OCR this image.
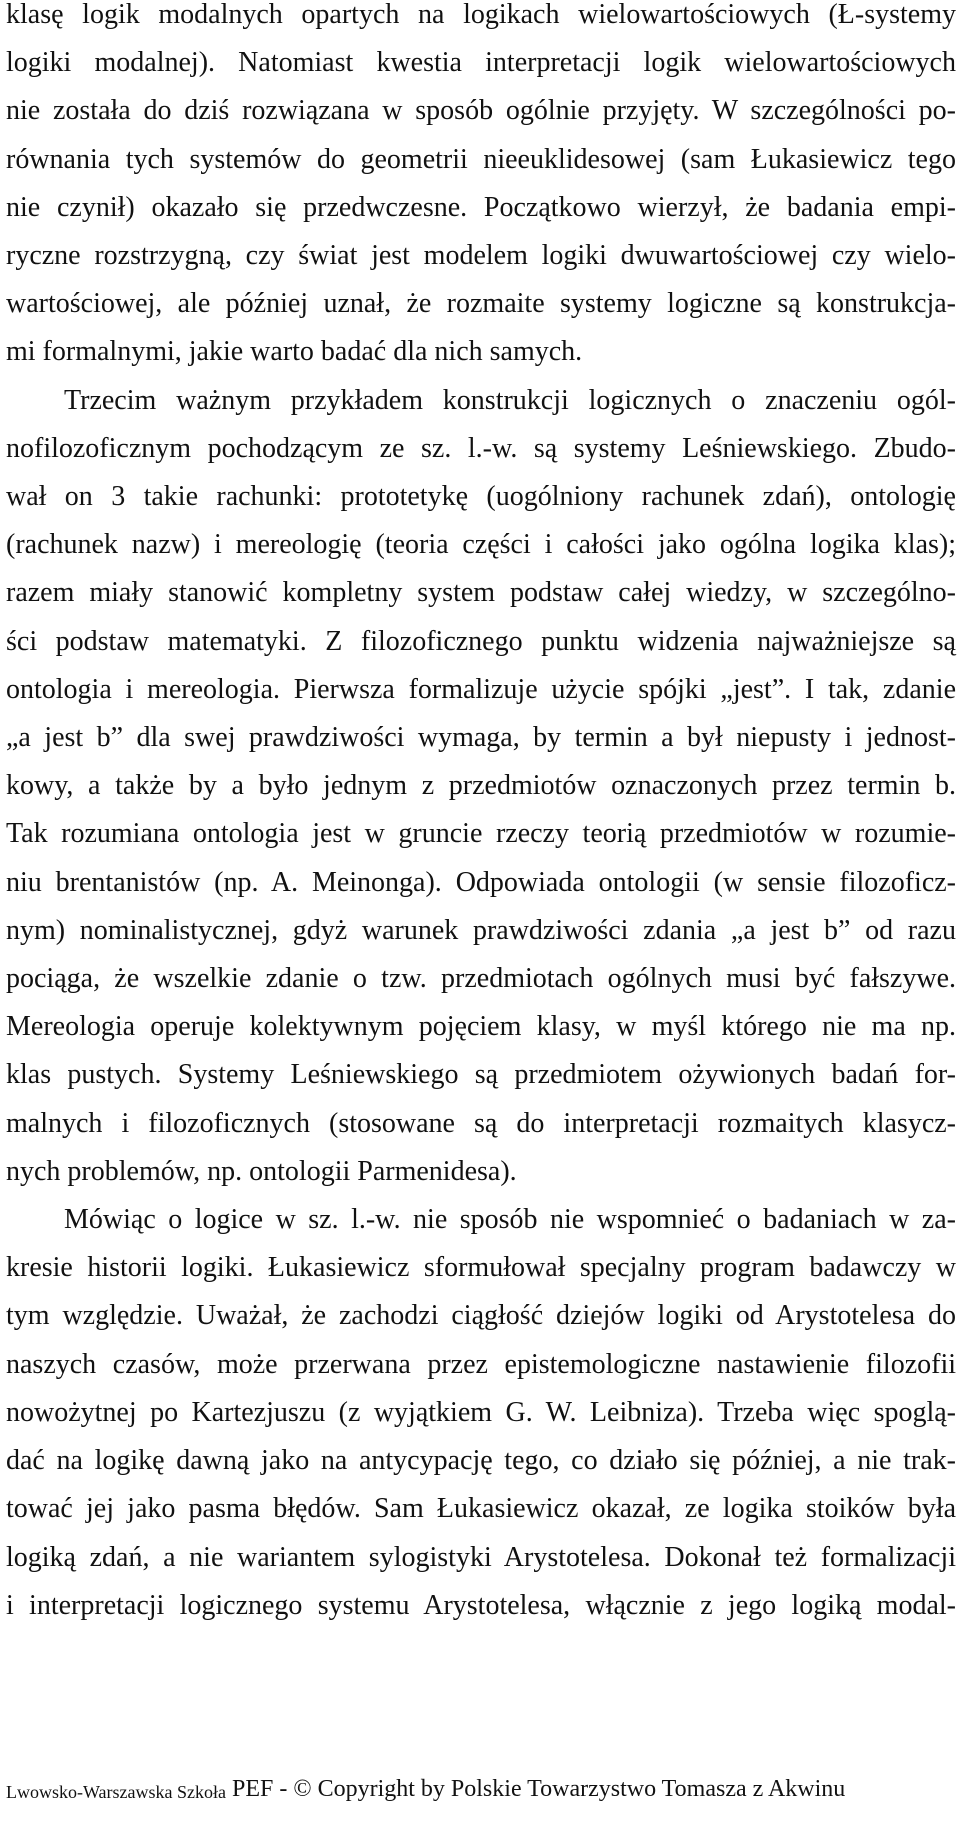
klasę logik modalnych opartych na logikach wielowartościowych (Ł-systemy
logiki modalnej). Natomiast kwestia interpretacji logik wielowartościowych
nie została do dziś rozwiązana w sposób ogólnie przyjęty. W szczególności po-
równania tych systemów do geometrii nieeuklidesowej (sam Łukasiewicz tego
nie czynił) okazało się przedwczesne. Początkowo wierzył, że badania empi-
ryczne rozstrzygną, czy świat jest modelem logiki dwuwartościowej czy wielo-
wartościowej, ale później uznał, że rozmaite systemy logiczne są konstrukcja-
mi formalnymi, jakie warto badać dla nich samych.
Trzecim ważnym przykładem konstrukcji logicznych o znaczeniu ogól-
nofilozoficznym pochodzącym ze sz. l.-w. są systemy Leśniewskiego. Zbudo-
wał on 3 takie rachunki: prototetykę (uogólniony rachunek zdań), ontologię
(rachunek nazw) i mereologię (teoria części i całości jako ogólna logika klas);
razem miały stanowić kompletny system podstaw całej wiedzy, w szczególno-
ści podstaw matematyki. Z filozoficznego punktu widzenia najważniejsze są
ontologia i mereologia. Pierwsza formalizuje użycie spójki „jest”. I tak, zdanie
„a jest b” dla swej prawdziwości wymaga, by termin a był niepusty i jednost-
kowy, a także by a było jednym z przedmiotów oznaczonych przez termin b.
Tak rozumiana ontologia jest w gruncie rzeczy teorią przedmiotów w rozumie-
niu brentanistów (np. A. Meinonga). Odpowiada ontologii (w sensie filozoficz-
nym) nominalistycznej, gdyż warunek prawdziwości zdania „a jest b” od razu
pociąga, że wszelkie zdanie o tzw. przedmiotach ogólnych musi być fałszywe.
Mereologia operuje kolektywnym pojęciem klasy, w myśl którego nie ma np.
klas pustych. Systemy Leśniewskiego są przedmiotem ożywionych badań for-
malnych i filozoficznych (stosowane są do interpretacji rozmaitych klasycz-
nych problemów, np. ontologii Parmenidesa).
Mówiąc o logice w sz. l.-w. nie sposób nie wspomnieć o badaniach w za-
kresie historii logiki. Łukasiewicz sformułował specjalny program badawczy w
tym względzie. Uważał, że zachodzi ciągłość dziejów logiki od Arystotelesa do
naszych czasów, może przerwana przez epistemologiczne nastawienie filozofii
nowożytnej po Kartezjuszu (z wyjątkiem G. W. Leibniza). Trzeba więc spoglą-
dać na logikę dawną jako na antycypację tego, co działo się później, a nie trak-
tować jej jako pasma błędów. Sam Łukasiewicz okazał, ze logika stoików była
logiką zdań, a nie wariantem sylogistyki Arystotelesa. Dokonał też formalizacji
i interpretacji logicznego systemu Arystotelesa, włącznie z jego logiką modal-
Lwowsko-Warszawska Szkoła PEF - © Copyright by Polskie Towarzystwo Tomasza z Akwinu
